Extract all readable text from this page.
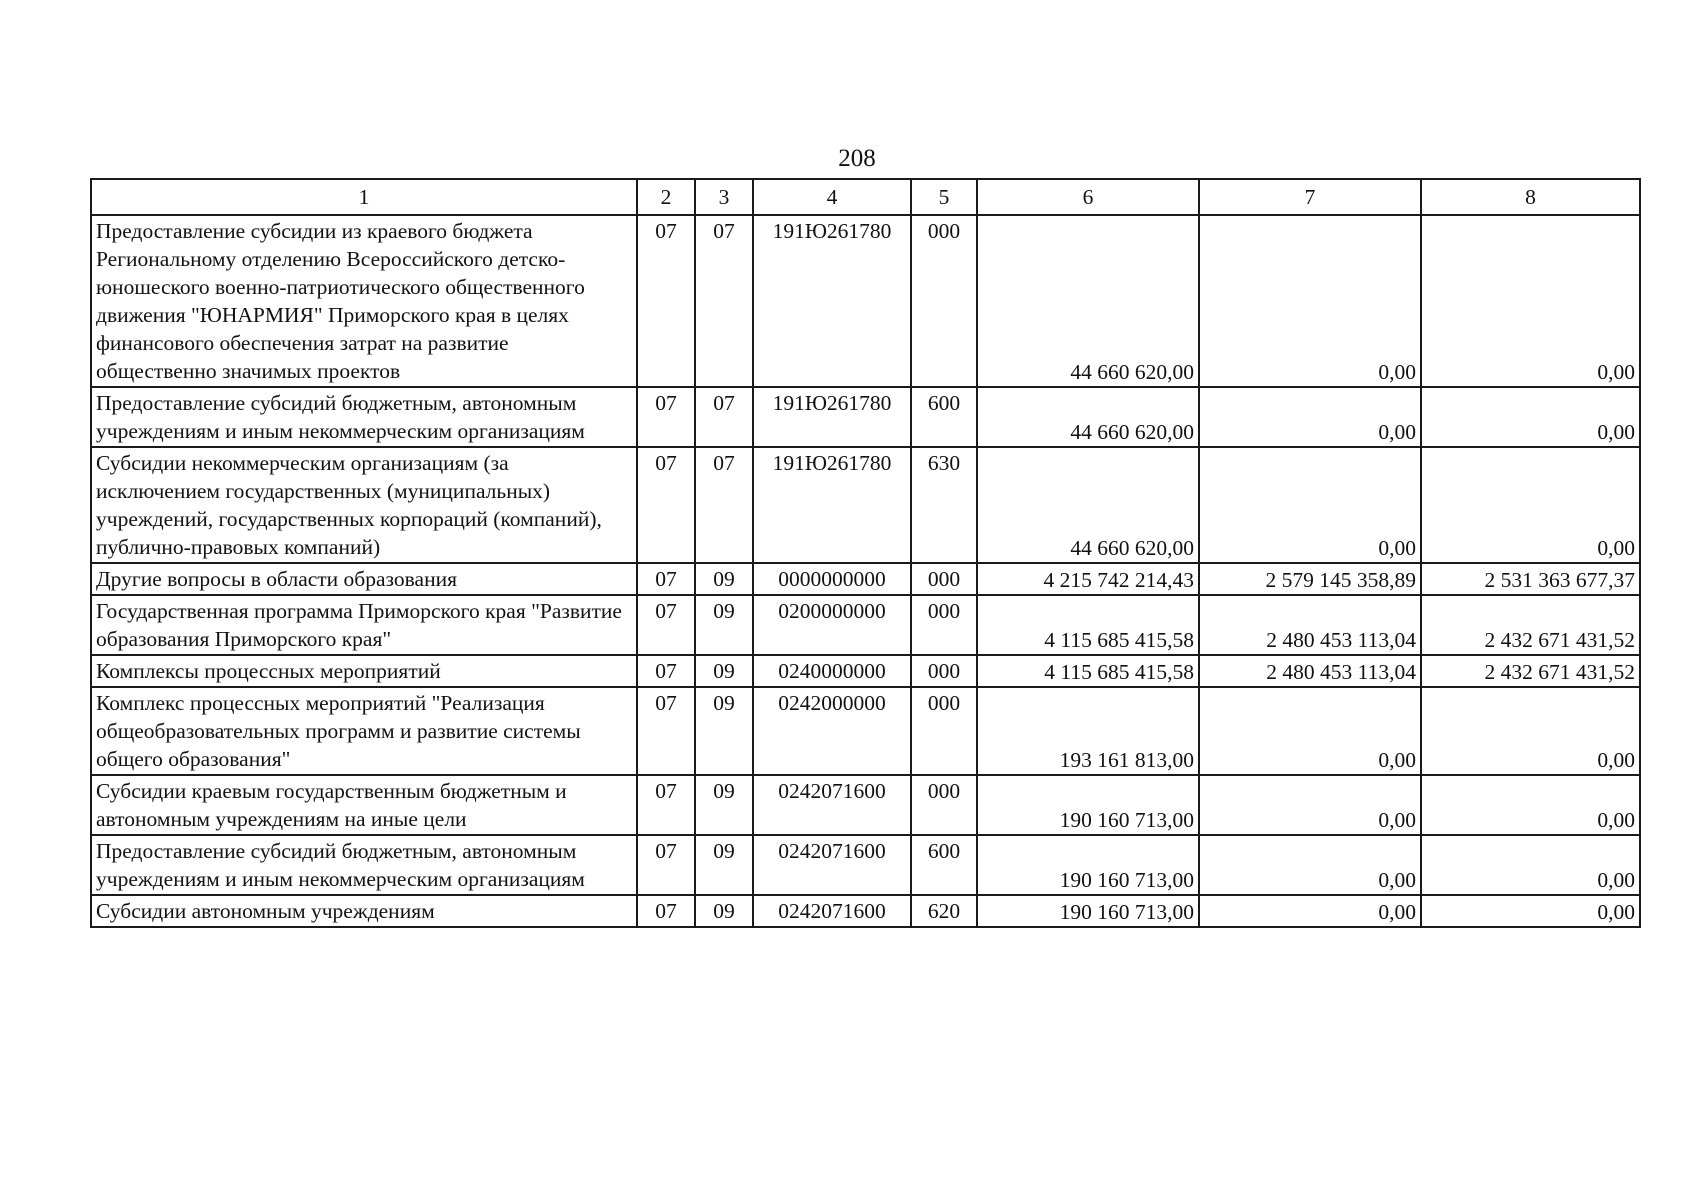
208
1	2	3	4	5	6	7	8
Предоставление субсидии из краевого бюджета Региональному отделению Всероссийского детско-юношеского военно-патриотического общественного движения "ЮНАРМИЯ" Приморского края в целях финансового обеспечения затрат на развитие общественно значимых проектов	07	07	191Ю261780	000	44 660 620,00	0,00	0,00
Предоставление субсидий бюджетным, автономным учреждениям и иным некоммерческим организациям	07	07	191Ю261780	600	44 660 620,00	0,00	0,00
Субсидии некоммерческим организациям (за исключением государственных (муниципальных) учреждений, государственных корпораций (компаний), публично-правовых компаний)	07	07	191Ю261780	630	44 660 620,00	0,00	0,00
Другие вопросы в области образования	07	09	0000000000	000	4 215 742 214,43	2 579 145 358,89	2 531 363 677,37
Государственная программа Приморского края "Развитие образования Приморского края"	07	09	0200000000	000	4 115 685 415,58	2 480 453 113,04	2 432 671 431,52
Комплексы процессных мероприятий	07	09	0240000000	000	4 115 685 415,58	2 480 453 113,04	2 432 671 431,52
Комплекс процессных мероприятий "Реализация общеобразовательных программ и развитие системы общего образования"	07	09	0242000000	000	193 161 813,00	0,00	0,00
Субсидии краевым государственным бюджетным и автономным учреждениям на иные цели	07	09	0242071600	000	190 160 713,00	0,00	0,00
Предоставление субсидий бюджетным, автономным учреждениям и иным некоммерческим организациям	07	09	0242071600	600	190 160 713,00	0,00	0,00
Субсидии автономным учреждениям	07	09	0242071600	620	190 160 713,00	0,00	0,00
